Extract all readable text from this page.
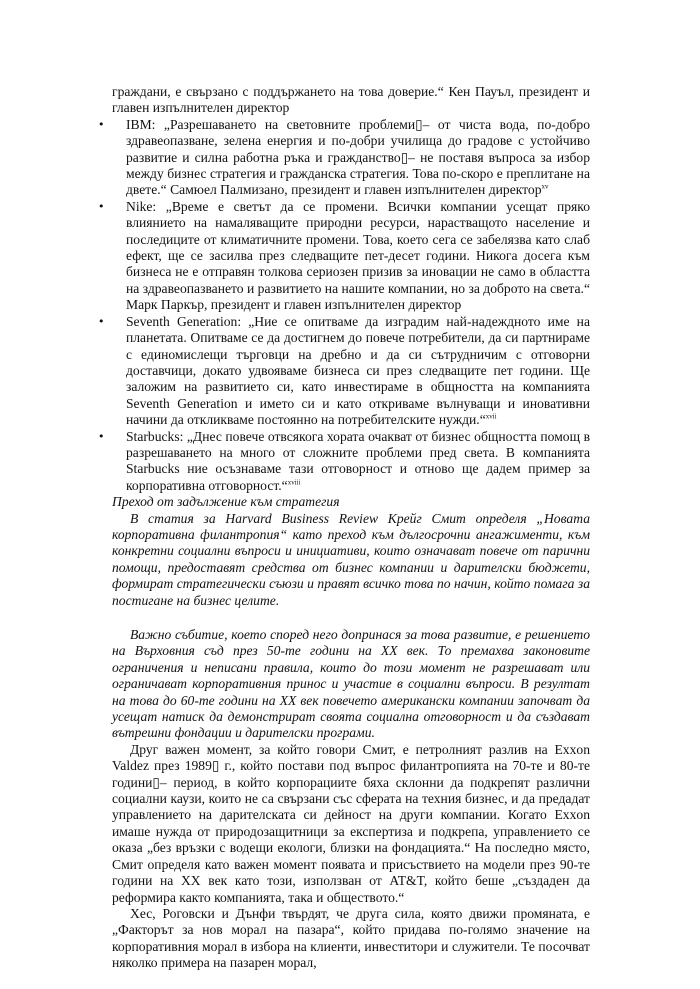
граждани, е свързано с поддържането на това доверие.“ Кен Пауъл, президент и главен изпълнителен директор

•	IBM: „Разрешаването на световните проблеми▯– от чиста вода, по-добро здравеопазване, зелена енергия и по-добри училища до градове с устойчиво развитие и силна работна ръка и гражданство▯– не поставя въпроса за избор между бизнес стратегия и гражданска стратегия. Това по-скоро е преплитане на двете.“ Самюел Палмизано, президент и главен изпълнителен директор$^{xv}$

•	Nike: „Време е светът да се промени. Всички компании усещат пряко влиянието на намаляващите природни ресурси, нарастващото население и последиците от климатичните промени. Това, което сега се забелязва като слаб ефект, ще се засилва през следващите пет-десет години. Никога досега към бизнеса не е отправян толкова сериозен призив за иновации не само в областта на здравеопазването и развитието на нашите компании, но за доброто на света.“ Марк Паркър, президент и главен изпълнителен директор

•	Seventh Generation: „Ние се опитваме да изградим най-надеждното име на планетата. Опитваме се да достигнем до повече потребители, да си партнираме с единомислещи търговци на дребно и да си сътрудничим с отговорни доставчици, докато удвояваме бизнеса си през следващите пет години. Ще заложим на развитието си, като инвестираме в общността на компанията Seventh Generation и името си и като откриваме вълнуващи и иновативни начини да откликваме постоянно на потребителските нужди.“$^{xvii}$

•	Starbucks: „Днес повече отвсякога хората очакват от бизнес общността помощ в разрешаването на много от сложните проблеми пред света. В компанията Starbucks ние осъзнаваме тази отговорност и отново ще дадем пример за корпоративна отговорност.“$^{xviii}$

Преход от задължение към стратегия

В статия за Harvard Business Review Крейг Смит определя „Новата корпоративна филантропия“ като преход към дългосрочни ангажименти, към конкретни социални въпроси и инициативи, които означават повече от парични помощи, предоставят средства от бизнес компании и дарителски бюджети, формират стратегически съюзи и правят всичко това по начин, който помага за постигане на бизнес целите.

Важно събитие, което според него допринася за това развитие, е решението на Върховния съд през 50-те години на XX век. То премахва законовите ограничения и неписани правила, които до този момент не разрешават или ограничават корпоративния принос и участие в социални въпроси. В резултат на това до 60-те години на XX век повечето американски компании започват да усещат натиск да демонстрират своята социална отговорност и да създават вътрешни фондации и дарителски програми.

Друг важен момент, за който говори Смит, е петролният разлив на Exxon Valdez през 1989▯ г., който постави под въпрос филантропията на 70-те и 80-те години▯– период, в който корпорациите бяха склонни да подкрепят различни социални каузи, които не са свързани със сферата на техния бизнес, и да предадат управлението на дарителската си дейност на други компании. Когато Exxon имаше нужда от природозащитници за експертиза и подкрепа, управлението се оказа „без връзки с водещи екологи, близки на фондацията.“ На последно място, Смит определя като важен момент появата и присъствието на модели през 90-те години на XX век като този, използван от AT&T, който беше „създаден да реформира както компанията, така и обществото.“

Хес, Роговски и Дънфи твърдят, че друга сила, която движи промяната, е „Факторът за нов морал на пазара“, който придава по-голямо значение на корпоративния морал в избора на клиенти, инвеститори и служители. Те посочват няколко примера на пазарен морал,
